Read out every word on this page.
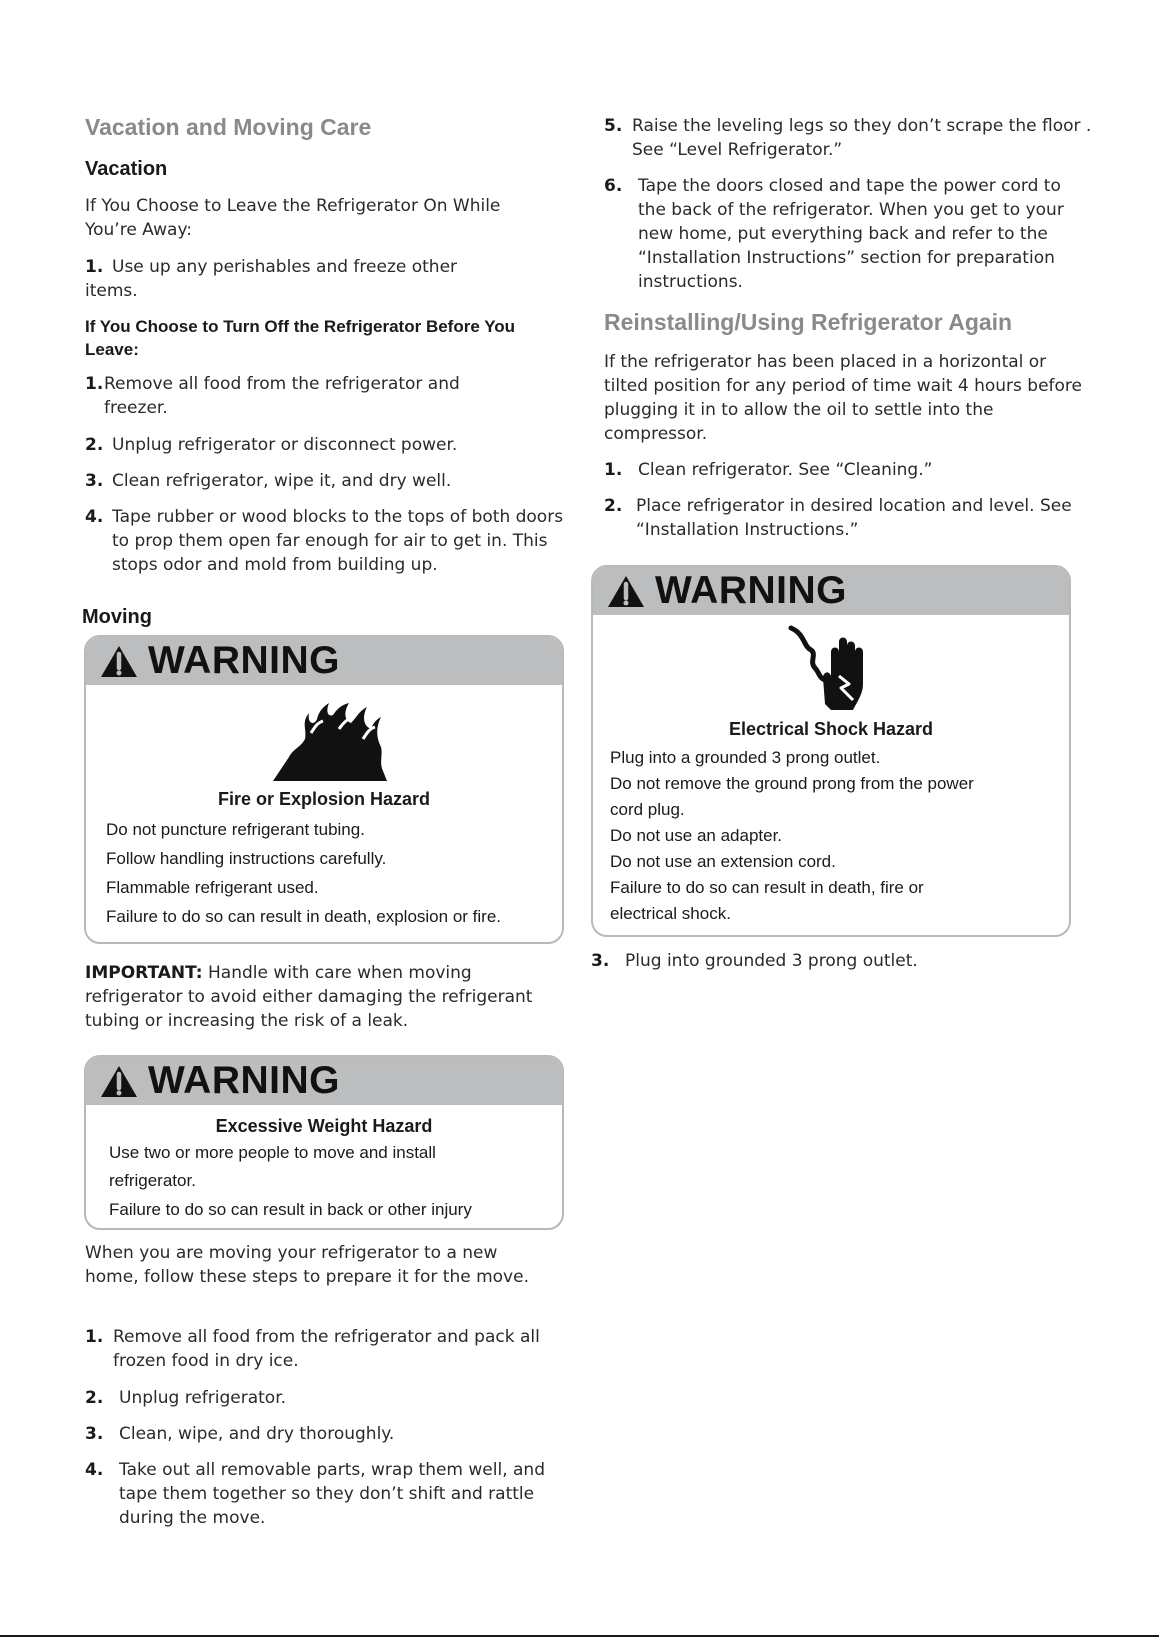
Vacation and Moving Care
Vacation
If You Choose to Leave the Refrigerator On While You’re Away:
1. Use up any perishables and freeze other items.
If You Choose to Turn Off the Refrigerator Before You Leave:
1. Remove all food from the refrigerator and freezer.
2. Unplug refrigerator or disconnect power.
3. Clean refrigerator, wipe it, and dry well.
4. Tape rubber or wood blocks to the tops of both doors to prop them open far enough for air to get in. This stops odor and mold from building up.
Moving
WARNING
Fire or Explosion Hazard
Do not puncture refrigerant tubing.
Follow handling instructions carefully.
Flammable refrigerant used.
Failure to do so can result in death, explosion or fire.
IMPORTANT: Handle with care when moving refrigerator to avoid either damaging the refrigerant tubing or increasing the risk of a leak.
WARNING
Excessive Weight Hazard
Use two or more people to move and install
refrigerator.
Failure to do so can result in back or other injury
When you are moving your refrigerator to a new home, follow these steps to prepare it for the move.
1. Remove all food from the refrigerator and pack all frozen food in dry ice.
2. Unplug refrigerator.
3. Clean, wipe, and dry thoroughly.
4. Take out all removable parts, wrap them well, and tape them together so they don’t shift and rattle during the move.
5. Raise the leveling legs so they don’t scrape the floor . See “Level Refrigerator.”
6. Tape the doors closed and tape the power cord to the back of the refrigerator. When you get to your new home, put everything back and refer to the “Installation Instructions” section for preparation instructions.
Reinstalling/Using Refrigerator Again
If the refrigerator has been placed in a horizontal or tilted position for any period of time wait 4 hours before plugging it in to allow the oil to settle into the compressor.
1. Clean refrigerator. See “Cleaning.”
2. Place refrigerator in desired location and level. See “Installation Instructions.”
WARNING
Electrical Shock Hazard
Plug into a grounded 3 prong outlet.
Do not remove the ground prong from the power
cord plug.
Do not use an adapter.
Do not use an extension cord.
Failure to do so can result in death, fire or
electrical shock.
3. Plug into grounded 3 prong outlet.
